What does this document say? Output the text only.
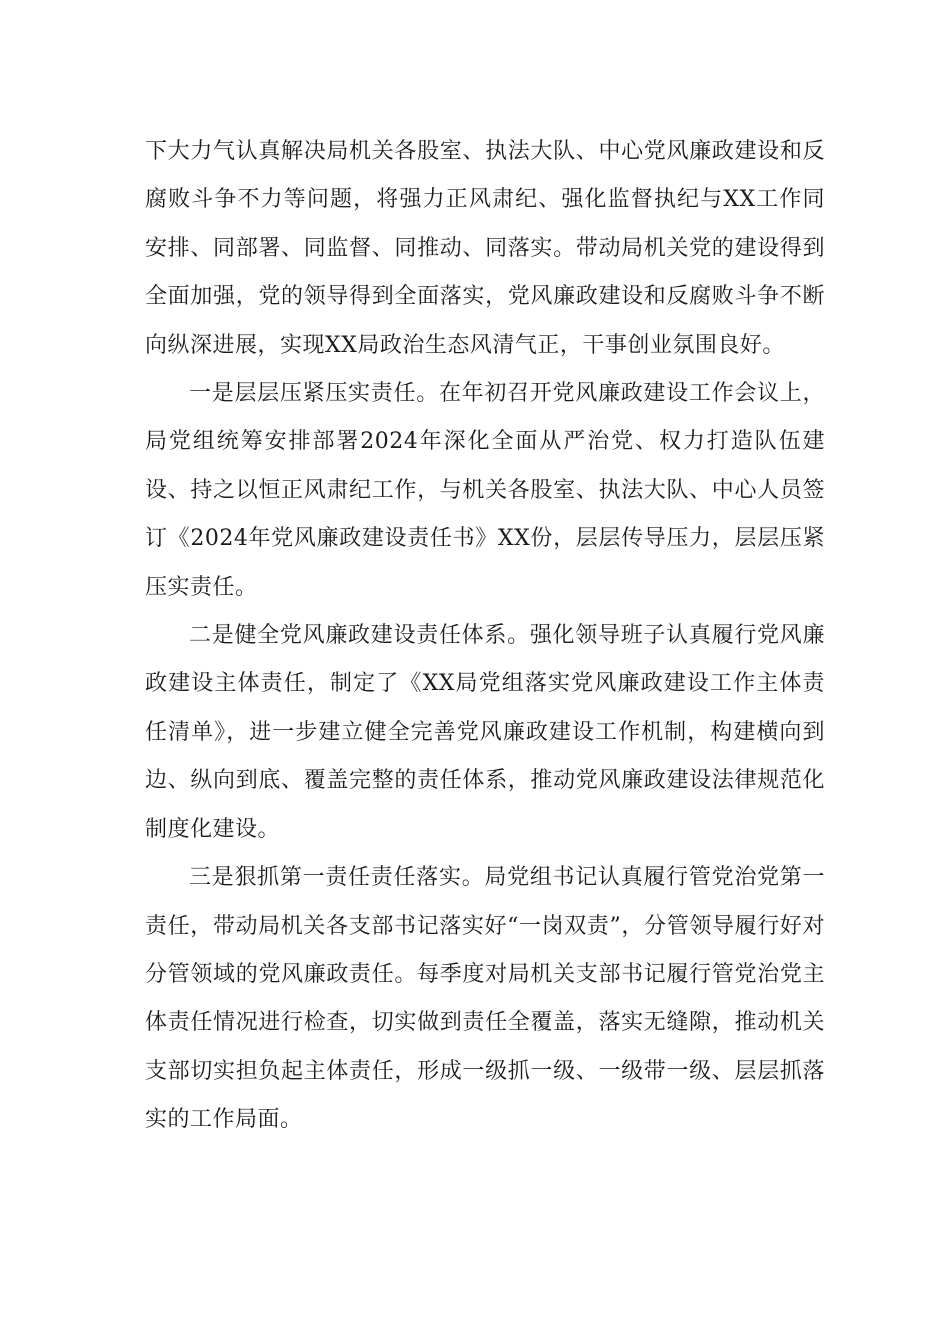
下大力气认真解决局机关各股室、执法大队、中心党风廉政建设和反腐败斗争不力等问题，将强力正风肃纪、强化监督执纪与XX工作同安排、同部署、同监督、同推动、同落实。带动局机关党的建设得到全面加强，党的领导得到全面落实，党风廉政建设和反腐败斗争不断向纵深进展，实现XX局政治生态风清气正，干事创业氛围良好。

一是层层压紧压实责任。在年初召开党风廉政建设工作会议上，局党组统筹安排部署2024年深化全面从严治党、权力打造队伍建设、持之以恒正风肃纪工作，与机关各股室、执法大队、中心人员签订《2024年党风廉政建设责任书》XX份，层层传导压力，层层压紧压实责任。

二是健全党风廉政建设责任体系。强化领导班子认真履行党风廉政建设主体责任，制定了《XX局党组落实党风廉政建设工作主体责任清单》，进一步建立健全完善党风廉政建设工作机制，构建横向到边、纵向到底、覆盖完整的责任体系，推动党风廉政建设法律规范化制度化建设。

三是狠抓第一责任责任落实。局党组书记认真履行管党治党第一责任，带动局机关各支部书记落实好“一岗双责”，分管领导履行好对分管领域的党风廉政责任。每季度对局机关支部书记履行管党治党主体责任情况进行检查，切实做到责任全覆盖，落实无缝隙，推动机关支部切实担负起主体责任，形成一级抓一级、一级带一级、层层抓落实的工作局面。
